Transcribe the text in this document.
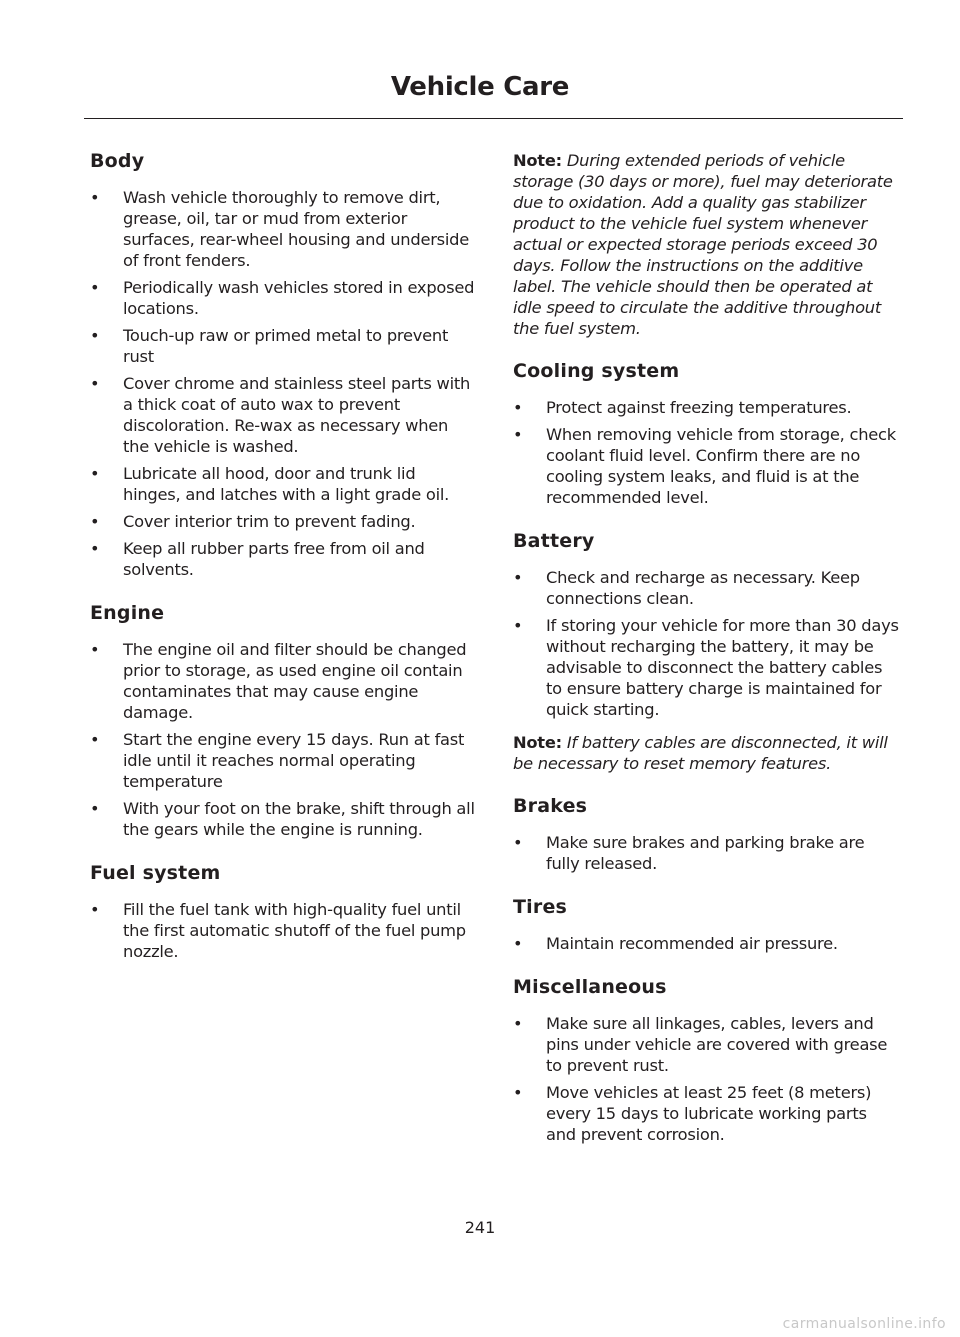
Vehicle Care
Body
• Wash vehicle thoroughly to remove dirt, grease, oil, tar or mud from exterior surfaces, rear-wheel housing and underside of front fenders.
• Periodically wash vehicles stored in exposed locations.
• Touch-up raw or primed metal to prevent rust
• Cover chrome and stainless steel parts with a thick coat of auto wax to prevent discoloration. Re-wax as necessary when the vehicle is washed.
• Lubricate all hood, door and trunk lid hinges, and latches with a light grade oil.
• Cover interior trim to prevent fading.
• Keep all rubber parts free from oil and solvents.
Engine
• The engine oil and filter should be changed prior to storage, as used engine oil contain contaminates that may cause engine damage.
• Start the engine every 15 days. Run at fast idle until it reaches normal operating temperature
• With your foot on the brake, shift through all the gears while the engine is running.
Fuel system
• Fill the fuel tank with high-quality fuel until the first automatic shutoff of the fuel pump nozzle.

Note: During extended periods of vehicle storage (30 days or more), fuel may deteriorate due to oxidation. Add a quality gas stabilizer product to the vehicle fuel system whenever actual or expected storage periods exceed 30 days. Follow the instructions on the additive label. The vehicle should then be operated at idle speed to circulate the additive throughout the fuel system.

Cooling system
• Protect against freezing temperatures.
• When removing vehicle from storage, check coolant fluid level. Confirm there are no cooling system leaks, and fluid is at the recommended level.
Battery
• Check and recharge as necessary. Keep connections clean.
• If storing your vehicle for more than 30 days without recharging the battery, it may be advisable to disconnect the battery cables to ensure battery charge is maintained for quick starting.

Note: If battery cables are disconnected, it will be necessary to reset memory features.

Brakes
• Make sure brakes and parking brake are fully released.
Tires
• Maintain recommended air pressure.
Miscellaneous
• Make sure all linkages, cables, levers and pins under vehicle are covered with grease to prevent rust.
• Move vehicles at least 25 feet (8 meters) every 15 days to lubricate working parts and prevent corrosion.
241
carmanualsonline.info
